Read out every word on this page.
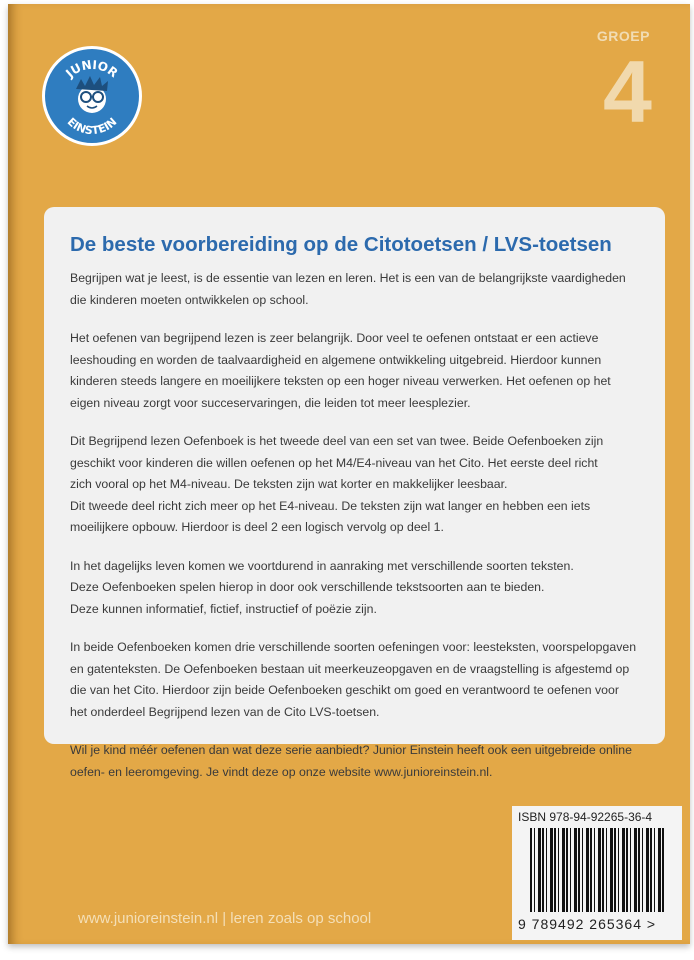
JUNIOR
EINSTEIN
GROEP
4
De beste voorbereiding op de Citotoetsen / LVS-toetsen
Begrijpen wat je leest, is de essentie van lezen en leren. Het is een van de belangrijkste vaardigheden
die kinderen moeten ontwikkelen op school.
Het oefenen van begrijpend lezen is zeer belangrijk. Door veel te oefenen ontstaat er een actieve
leeshouding en worden de taalvaardigheid en algemene ontwikkeling uitgebreid. Hierdoor kunnen
kinderen steeds langere en moeilijkere teksten op een hoger niveau verwerken. Het oefenen op het
eigen niveau zorgt voor succeservaringen, die leiden tot meer leesplezier.
Dit Begrijpend lezen Oefenboek is het tweede deel van een set van twee. Beide Oefenboeken zijn
geschikt voor kinderen die willen oefenen op het M4/E4-niveau van het Cito. Het eerste deel richt
zich vooral op het M4-niveau. De teksten zijn wat korter en makkelijker leesbaar.
Dit tweede deel richt zich meer op het E4-niveau. De teksten zijn wat langer en hebben een iets
moeilijkere opbouw. Hierdoor is deel 2 een logisch vervolg op deel 1.
In het dagelijks leven komen we voortdurend in aanraking met verschillende soorten teksten.
Deze Oefenboeken spelen hierop in door ook verschillende tekstsoorten aan te bieden.
Deze kunnen informatief, fictief, instructief of poëzie zijn.
In beide Oefenboeken komen drie verschillende soorten oefeningen voor: leesteksten, voorspelopgaven
en gatenteksten. De Oefenboeken bestaan uit meerkeuzeopgaven en de vraagstelling is afgestemd op
die van het Cito. Hierdoor zijn beide Oefenboeken geschikt om goed en verantwoord te oefenen voor
het onderdeel Begrijpend lezen van de Cito LVS-toetsen.
Wil je kind méér oefenen dan wat deze serie aanbiedt? Junior Einstein heeft ook een uitgebreide online
oefen- en leeromgeving. Je vindt deze op onze website www.junioreinstein.nl.
ISBN 978-94-92265-36-4
9 789492 265364 >
www.junioreinstein.nl | leren zoals op school
